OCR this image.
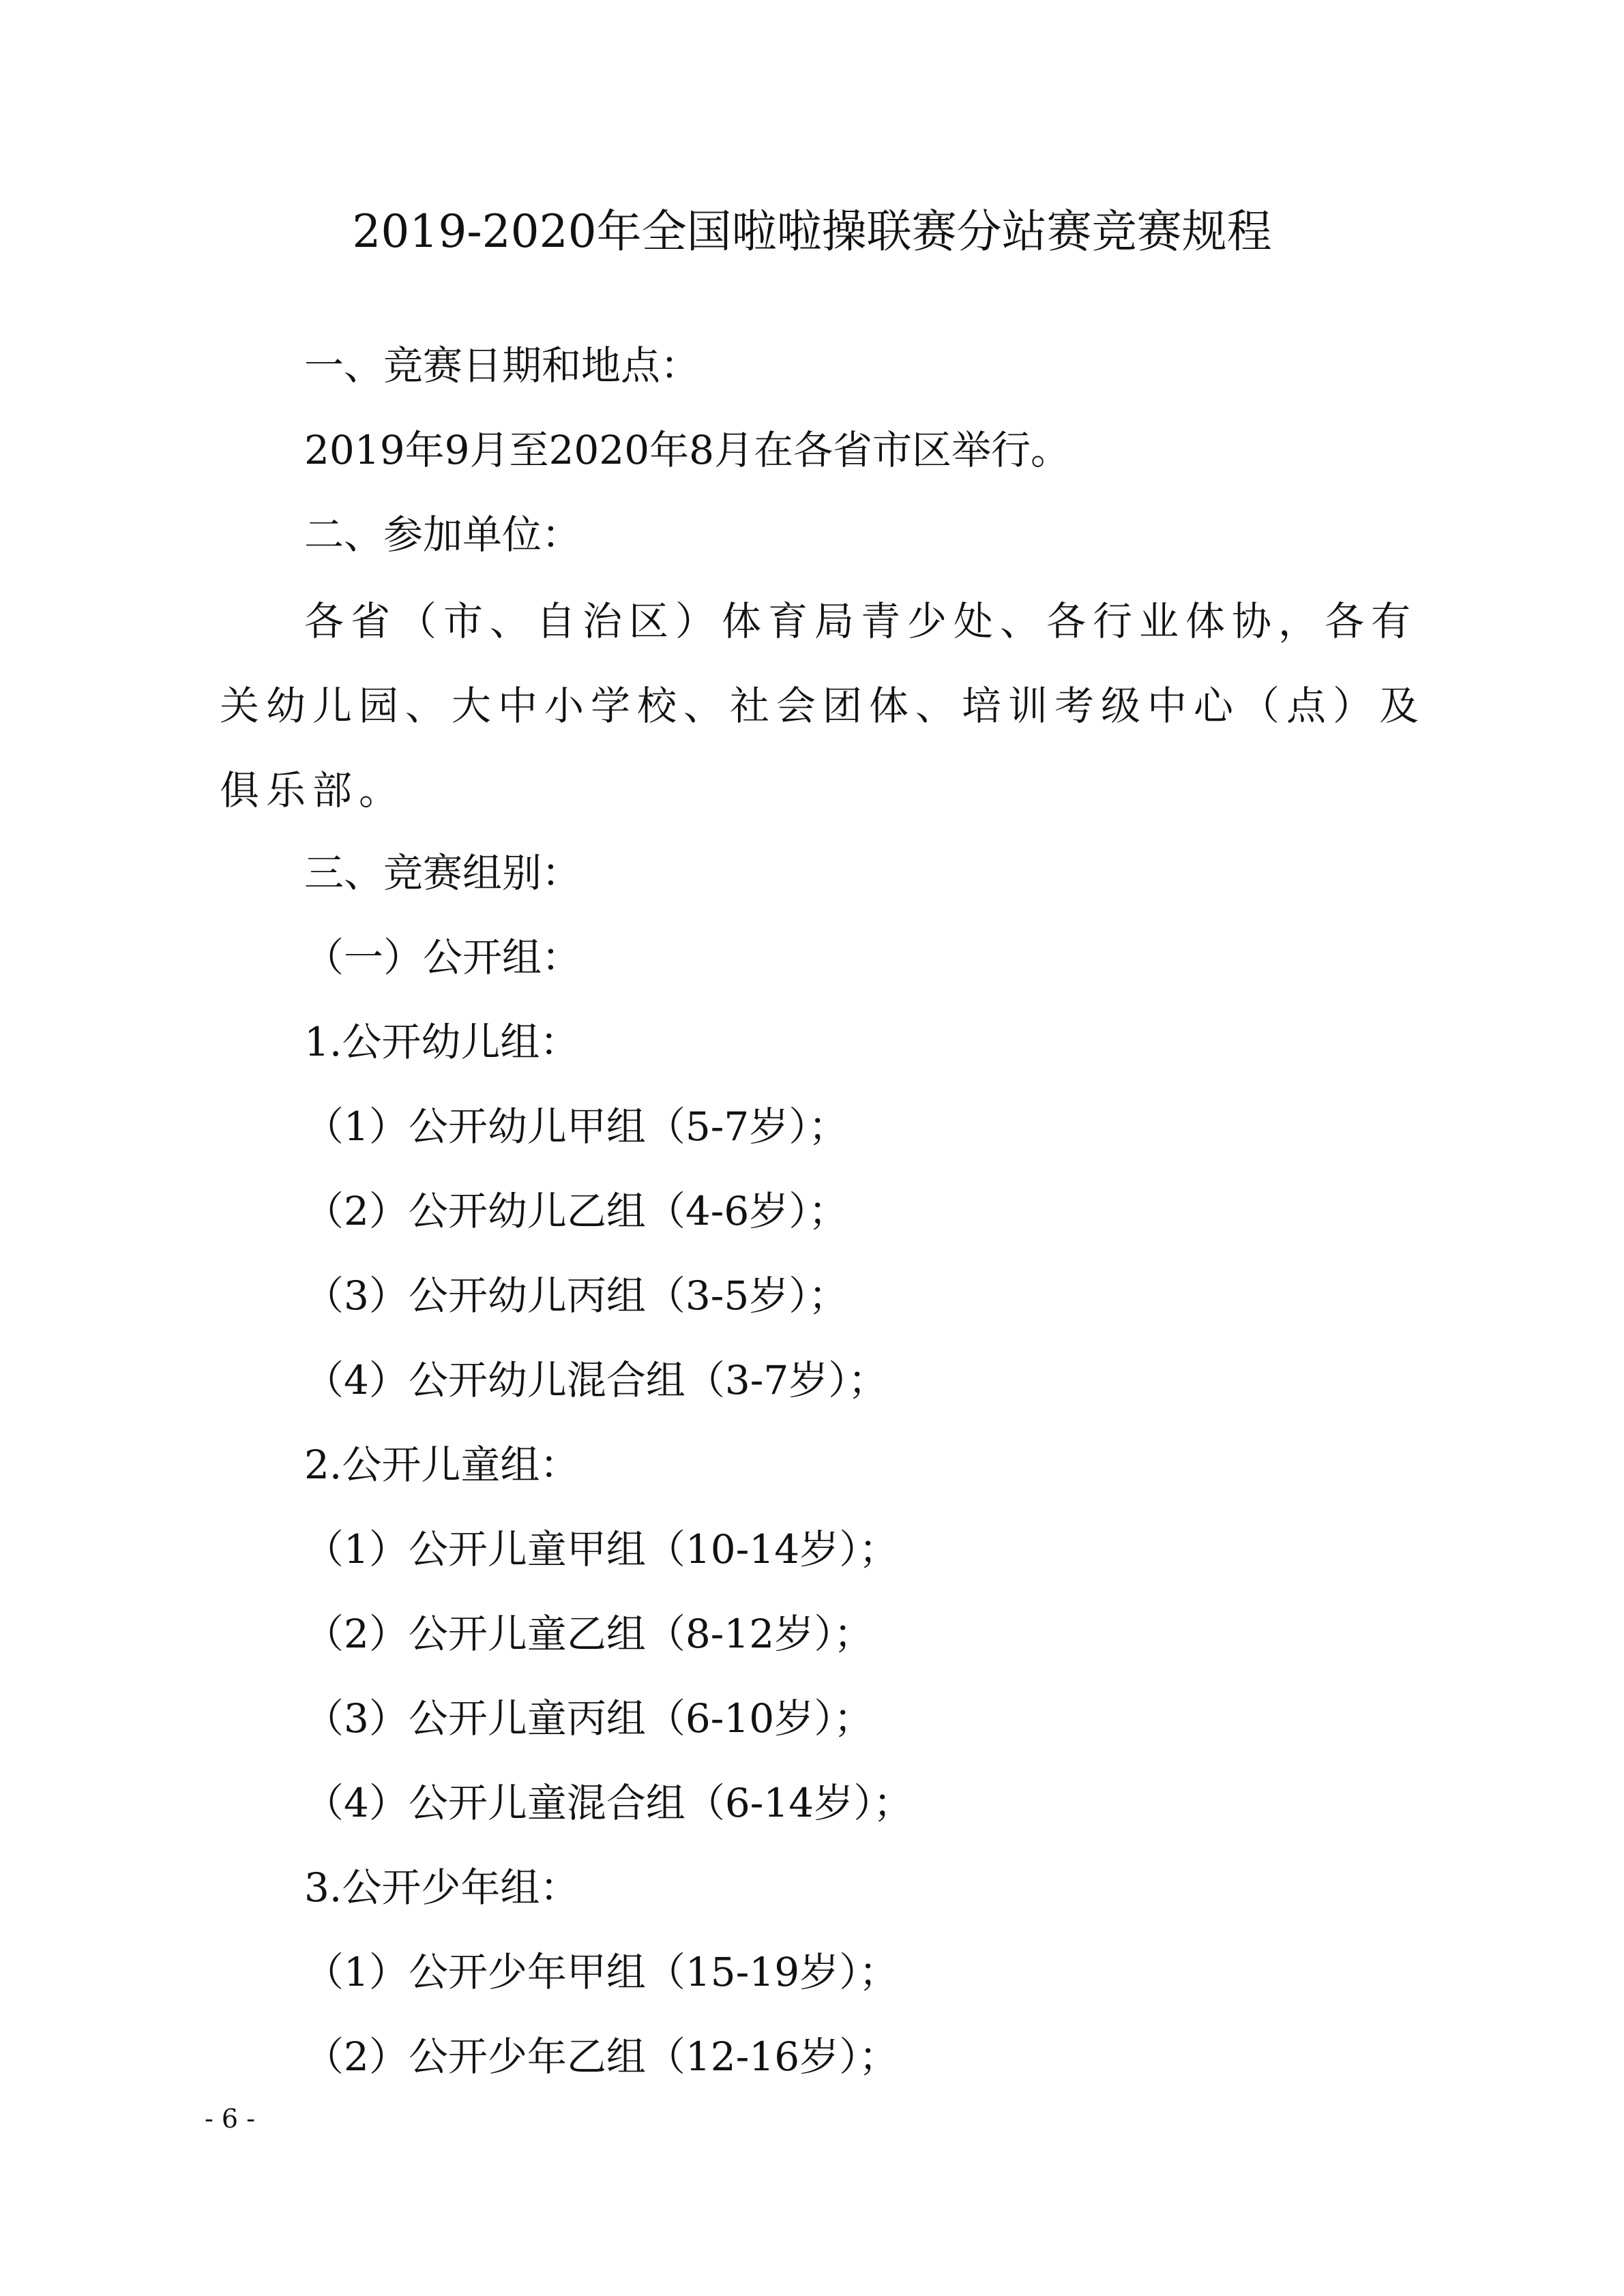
2019-2020年全国啦啦操联赛分站赛竞赛规程
一、竞赛日期和地点：
2019年9月至2020年8月在各省市区举行。
二、参加单位：
各省（市、自治区）体育局青少处、各行业体协，各有关幼儿园、大中小学校、社会团体、培训考级中心（点）及俱乐部。
三、竞赛组别：
（一）公开组：
1.公开幼儿组：
（1）公开幼儿甲组（5-7岁）；
（2）公开幼儿乙组（4-6岁）；
（3）公开幼儿丙组（3-5岁）；
（4）公开幼儿混合组（3-7岁）；
2.公开儿童组：
（1）公开儿童甲组（10-14岁）；
（2）公开儿童乙组（8-12岁）；
（3）公开儿童丙组（6-10岁）；
（4）公开儿童混合组（6-14岁）；
3.公开少年组：
（1）公开少年甲组（15-19岁）；
（2）公开少年乙组（12-16岁）；
- 6 -
